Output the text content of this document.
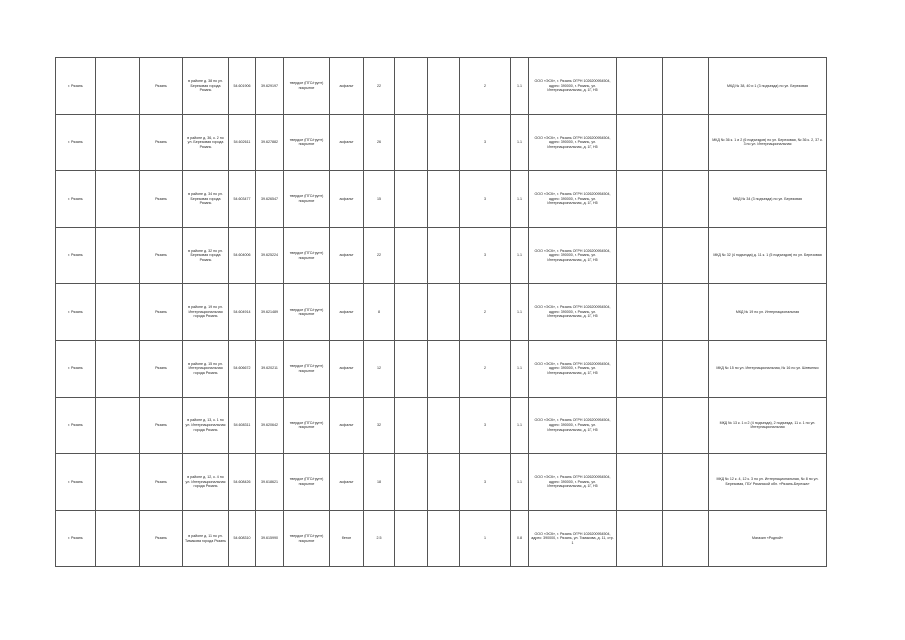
г. Рязань		Рязань	в районе д. 38 по ул. Березовая города Рязань	54.601906	39.629197	твердое (ПГС/грунт) покрытие	асфальт	22			2	1.1	ООО «ЭСК», г. Рязань ОГРН 1026200954504, адрес: 390000, г. Рязань, ул. Интернациональная, д. 1Г, Н5			МКД № 38, 40 и 1 (3 подъезда) по ул. Березовая
г. Рязань		Рязань	в районе д. 36, к. 2 по ул. Березовая города Рязань	54.602611	39.627882	твердое (ПГС/грунт) покрытие	асфальт	26			3	1.1	ООО «ЭСК», г. Рязань ОГРН 1026200954504, адрес: 390000, г. Рязань, ул. Интернациональная, д. 1Г, Н5			МКД № 36 к. 1 и 2 (6 подъездов) по ул. Березовая, № 36 к. 2, 37 к. 3 по ул. Интернациональная
г. Рязань		Рязань	в районе д. 34 по ул. Березовая города Рязань	54.603477	39.626547	твердое (ПГС/грунт) покрытие	асфальт	15			3	1.1	ООО «ЭСК», г. Рязань ОГРН 1026200954504, адрес: 390000, г. Рязань, ул. Интернациональная, д. 1Г, Н5			МКД № 34 (3 подъезда) по ул. Березовая
г. Рязань		Рязань	в районе д. 32 по ул. Березовая города Рязань	54.604006	39.625224	твердое (ПГС/грунт) покрытие	асфальт	22			3	1.1	ООО «ЭСК», г. Рязань ОГРН 1026200954504, адрес: 390000, г. Рязань, ул. Интернациональная, д. 1Г, Н5			МКД № 32 (4 подъезда) д. 11 к. 1 (5 подъездов) по ул. Березовая
г. Рязань		Рязань	в районе д. 19 по ул. Интернациональная города Рязань	54.604914	39.621489	твердое (ПГС/грунт) покрытие	асфальт	8			2	1.1	ООО «ЭСК», г. Рязань ОГРН 1026200954504, адрес: 390000, г. Рязань, ул. Интернациональная, д. 1Г, Н5			МКД № 19 по ул. Интернациональная
г. Рязань		Рязань	в районе д. 15 по ул. Интернациональная города Рязань	54.606672	39.620211	твердое (ПГС/грунт) покрытие	асфальт	12			2	1.1	ООО «ЭСК», г. Рязань ОГРН 1026200954504, адрес: 390000, г. Рязань, ул. Интернациональная, д. 1Г, Н5			МКД № 15 по ул. Интернациональная, № 16 по ул. Шевченко
г. Рязань		Рязань	в районе д. 13, к. 1 по ул. Интернациональная города Рязань	54.608311	39.620642	твердое (ПГС/грунт) покрытие	асфальт	32			3	1.1	ООО «ЭСК», г. Рязань ОГРН 1026200954504, адрес: 390000, г. Рязань, ул. Интернациональная, д. 1Г, Н5			МКД № 13 к. 1 и 2 (4 подъезда), 2 подъезда, 11 к. 1 по ул. Интернациональная
г. Рязань		Рязань	в районе д. 12, к. 4 по ул. Интернациональная города Рязань	54.608426	39.618621	твердое (ПГС/грунт) покрытие	асфальт	18			3	1.1	ООО «ЭСК», г. Рязань ОГРН 1026200954504, адрес: 390000, г. Рязань, ул. Интернациональная, д. 1Г, Н5			МКД № 12 к. 4, 12 к. 3 по ул. Интернациональная, № 8 по ул. Березовая, ГБУ Рязанской обл. «Рязань-Березка»
г. Рязань		Рязань	в районе д. 11 по ул. Тимакова города Рязань	54.608310	39.615990	твердое (ПГС/грунт) покрытие	бетон	2.5			1	0.8	ООО «ЭСК», г. Рязань ОГРН 1026200954504, адрес: 390000, г. Рязань, ул. Тимакова, д. 11, стр. 1			Магазин «Родной»
